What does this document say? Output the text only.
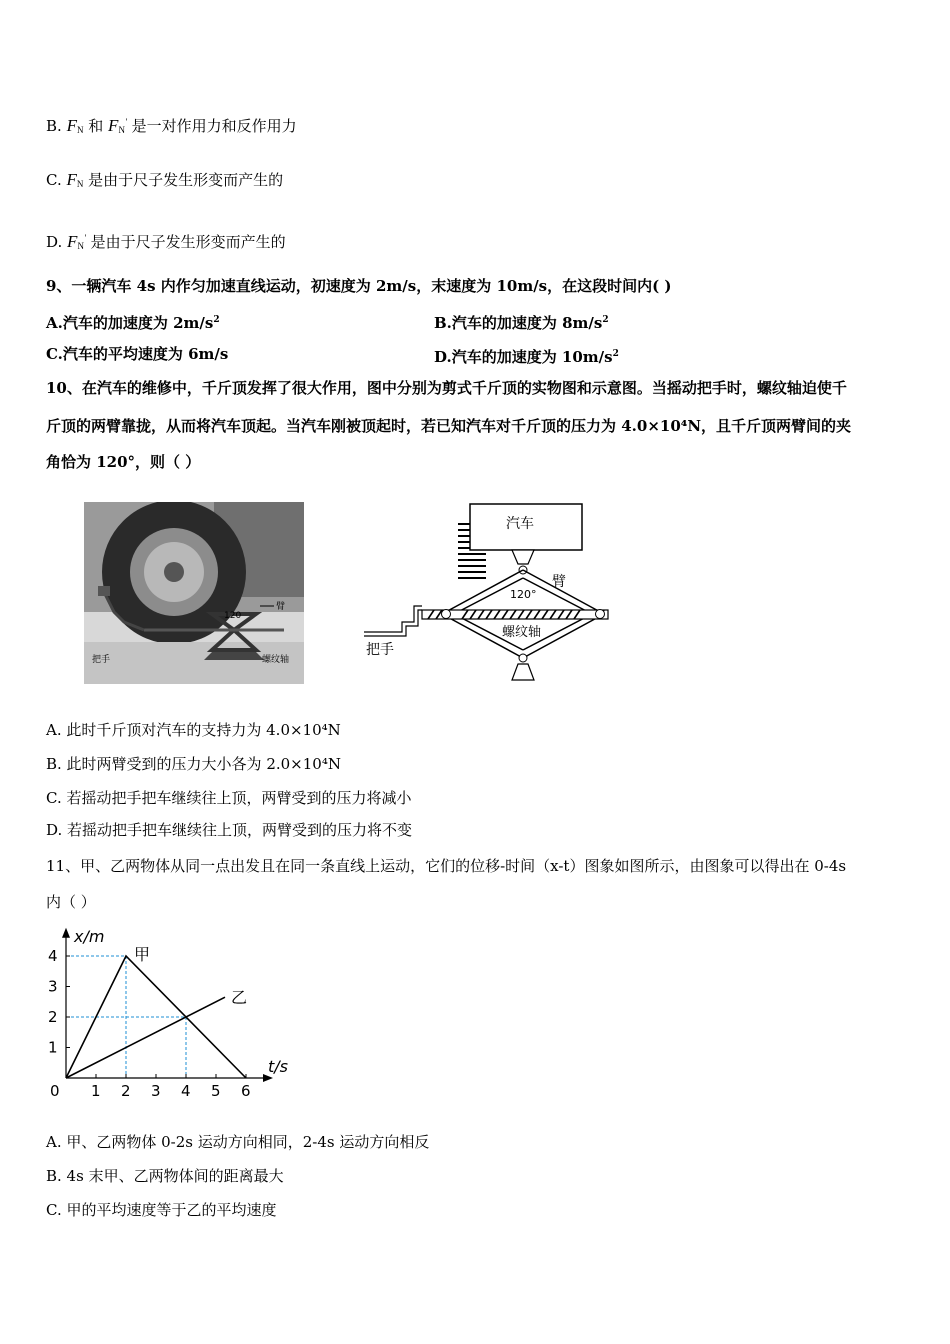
B. $F_N$ 和 $F_N'$ 是一对作用力和反作用力
C. $F_N$ 是由于尺子发生形变而产生的
D. $F_N'$ 是由于尺子发生形变而产生的
9、一辆汽车 4s 内作匀加速直线运动，初速度为 2m/s，末速度为 10m/s，在这段时间内( )
A.汽车的加速度为 $2m/s^2$	B.汽车的加速度为 $8m/s^2$
C.汽车的平均速度为 6m/s	D.汽车的加速度为 $10m/s^2$
10、在汽车的维修中，千斤顶发挥了很大作用，图中分别为剪式千斤顶的实物图和示意图。当摇动把手时，螺纹轴迫使千
斤顶的两臂靠拢，从而将汽车顶起。当汽车刚被顶起时，若已知汽车对千斤顶的压力为 4.0×10⁴N，且千斤顶两臂间的夹
角恰为 120°，则（ ）
120
臂
把手	螺纹轴
汽车
把手
臂
120°
螺纹轴
A. 此时千斤顶对汽车的支持力为 4.0×10⁴N
B. 此时两臂受到的压力大小各为 2.0×10⁴N
C. 若摇动把手把车继续往上顶，两臂受到的压力将减小
D. 若摇动把手把车继续往上顶，两臂受到的压力将不变
11、甲、乙两物体从同一点出发且在同一条直线上运动，它们的位移-时间（x-t）图象如图所示，由图象可以得出在 0-4s
内（ ）
x/m
t/s
0 1 2 3 4 5 6
1
2
3
4	甲
乙
A. 甲、乙两物体 0-2s 运动方向相同，2-4s 运动方向相反
B. 4s 末甲、乙两物体间的距离最大
C. 甲的平均速度等于乙的平均速度
